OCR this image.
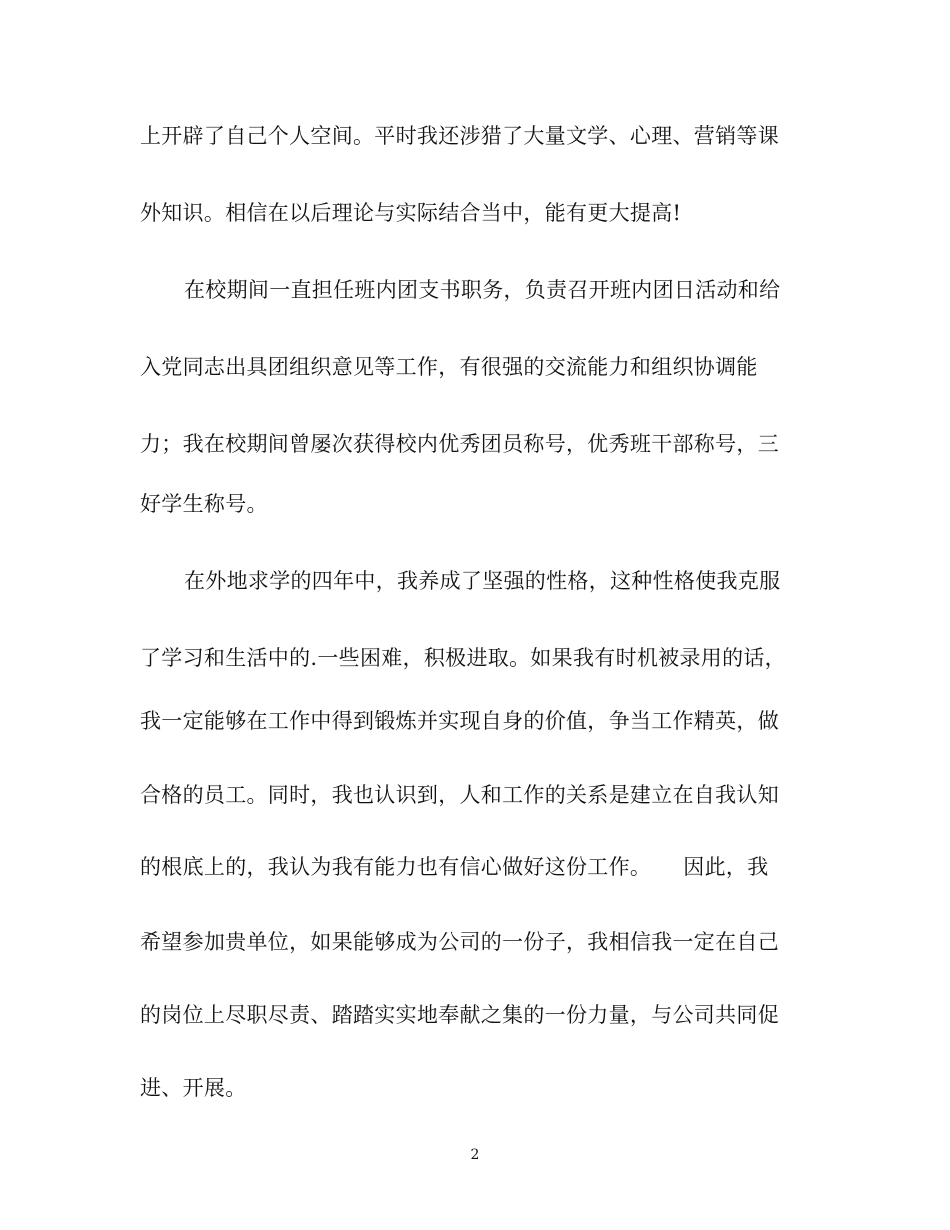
上开辟了自己个人空间。平时我还涉猎了大量文学、心理、营销等课
外知识。相信在以后理论与实际结合当中，能有更大提高!
在校期间一直担任班内团支书职务，负责召开班内团日活动和给
入党同志出具团组织意见等工作，有很强的交流能力和组织协调能
力；我在校期间曾屡次获得校内优秀团员称号，优秀班干部称号，三
好学生称号。
在外地求学的四年中，我养成了坚强的性格，这种性格使我克服
了学习和生活中的.一些困难，积极进取。如果我有时机被录用的话，
我一定能够在工作中得到锻炼并实现自身的价值，争当工作精英，做
合格的员工。同时，我也认识到，人和工作的关系是建立在自我认知
的根底上的，我认为我有能力也有信心做好这份工作。　　因此，我
希望参加贵单位，如果能够成为公司的一份子，我相信我一定在自己
的岗位上尽职尽责、踏踏实实地奉献之集的一份力量，与公司共同促
进、开展。
2
